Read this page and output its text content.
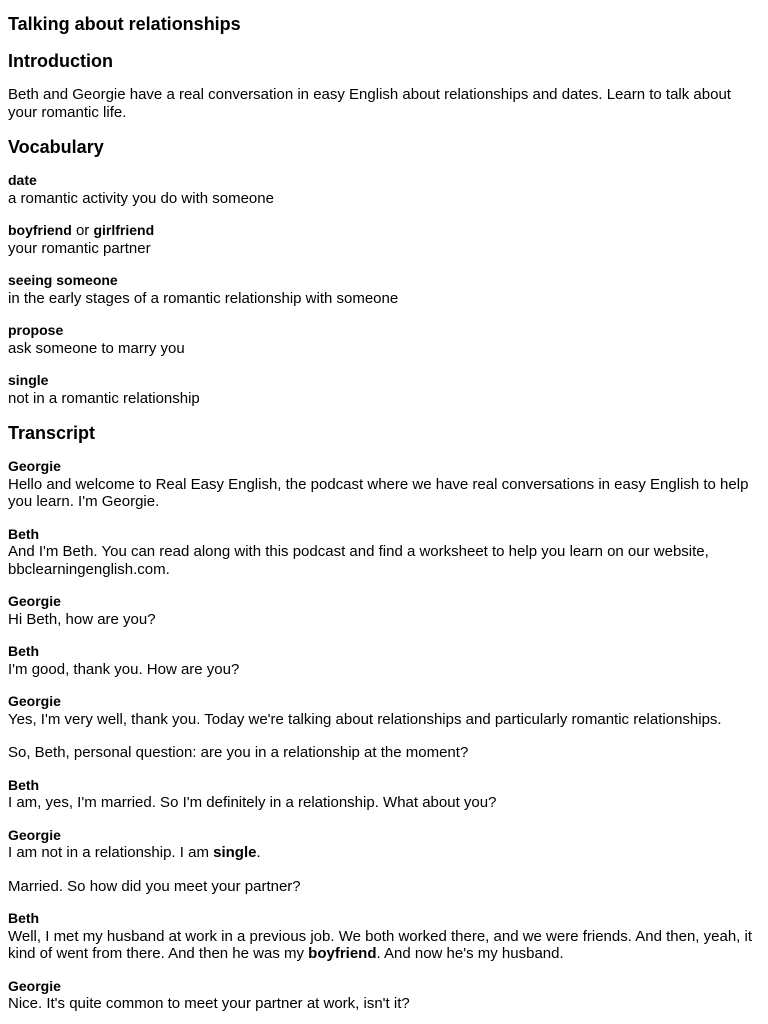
Talking about relationships
Introduction

Beth and Georgie have a real conversation in easy English about relationships and dates. Learn to talk about your romantic life.

Vocabulary
date
a romantic activity you do with someone
boyfriend or girlfriend
your romantic partner
seeing someone
in the early stages of a romantic relationship with someone
propose
ask someone to marry you
single
not in a romantic relationship
Transcript
Georgie

Hello and welcome to Real Easy English, the podcast where we have real conversations in easy English to help you learn. I'm Georgie.

Beth

And I'm Beth. You can read along with this podcast and find a worksheet to help you learn on our website, bbclearningenglish.com.

Georgie

Hi Beth, how are you?

Beth

I'm good, thank you. How are you?

Georgie

Yes, I'm very well, thank you. Today we're talking about relationships and particularly romantic relationships.

So, Beth, personal question: are you in a relationship at the moment?

Beth

I am, yes, I'm married. So I'm definitely in a relationship. What about you?

Georgie

I am not in a relationship. I am single.

Married. So how did you meet your partner?

Beth

Well, I met my husband at work in a previous job. We both worked there, and we were friends. And then, yeah, it kind of went from there. And then he was my boyfriend. And now he's my husband.

Georgie

Nice. It's quite common to meet your partner at work, isn't it?
